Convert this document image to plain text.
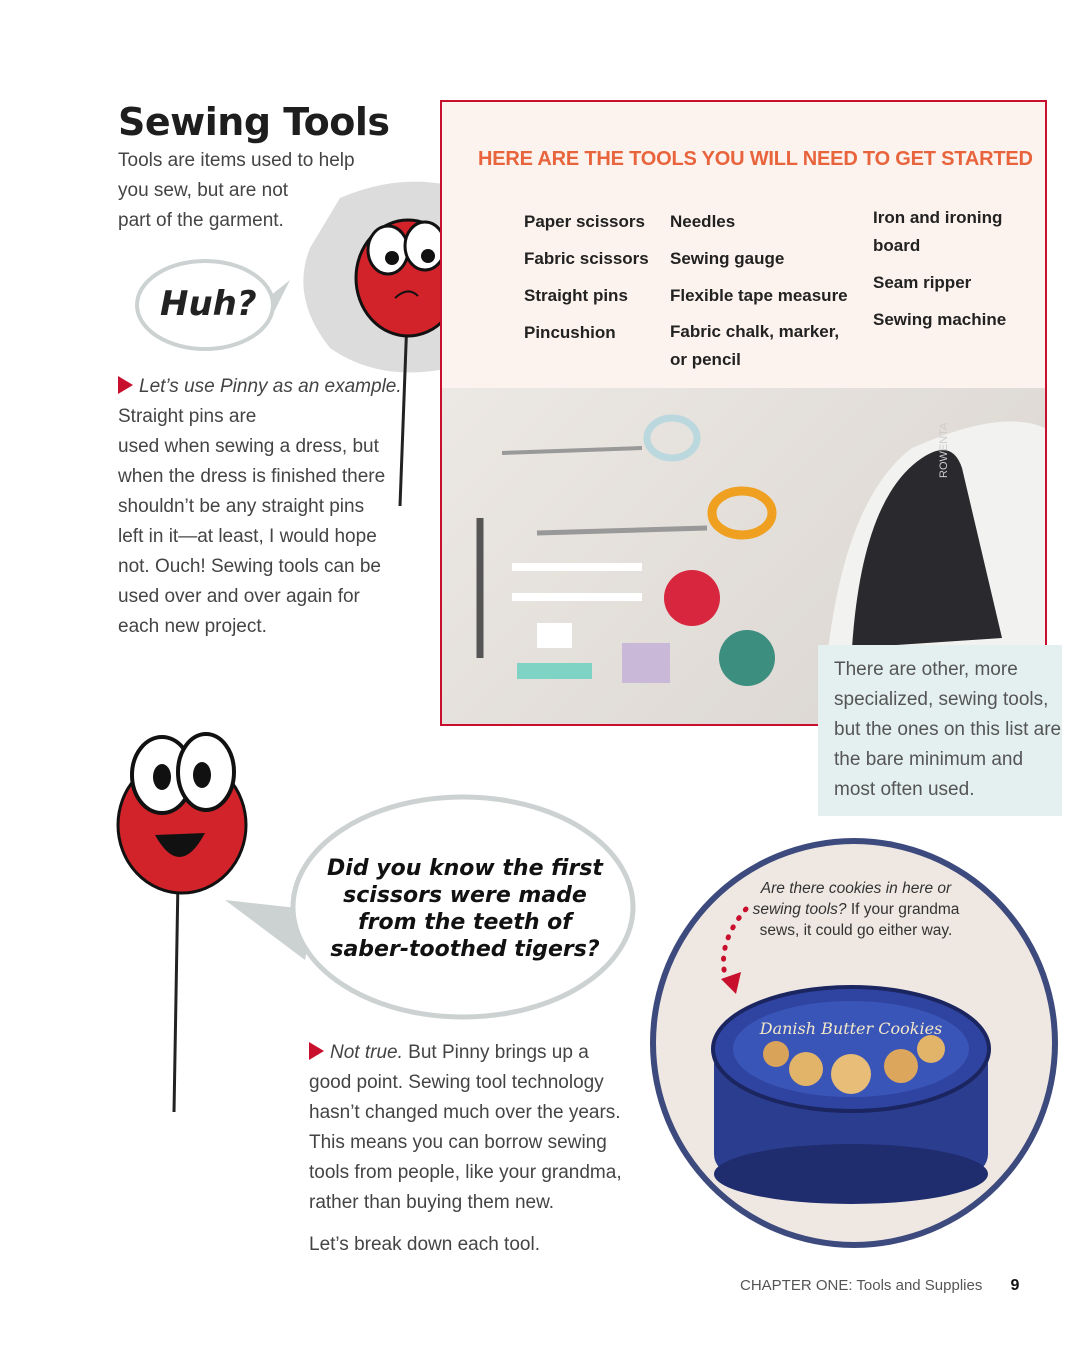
Sewing Tools
Tools are items used to help
you sew, but are not
part of the garment.
Huh?
Let’s use Pinny as an example. Straight pins are
used when sewing a dress, but
when the dress is finished there
shouldn’t be any straight pins
left in it—at least, I would hope
not. Ouch! Sewing tools can be
used over and over again for
each new project.
HERE ARE THE TOOLS YOU WILL NEED TO GET STARTED
Paper scissors
Fabric scissors
Straight pins
Pincushion
Needles
Sewing gauge
Flexible tape measure
Fabric chalk, marker, or pencil
Iron and ironing board
Seam ripper
Sewing machine
ROWENTA
There are other, more specialized, sewing tools, but the ones on this list are the bare minimum and most often used.
Did you know the first scissors were made from the teeth of saber-toothed tigers?
Not true. But Pinny brings up a good point. Sewing tool technology hasn’t changed much over the years. This means you can borrow sewing tools from people, like your grandma, rather than buying them new.
Let’s break down each tool.
Are there cookies in here or sewing tools? If your grandma sews, it could go either way.
Danish Butter Cookies
CHAPTER ONE: Tools and Supplies 9
